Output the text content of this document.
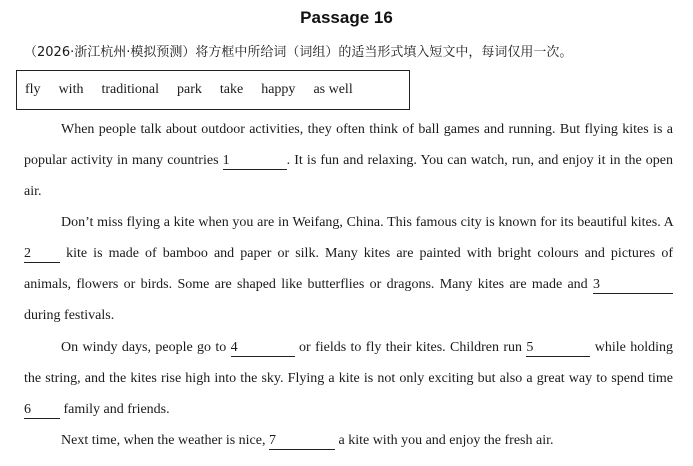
Passage 16
（2026·浙江杭州·模拟预测）将方框中所给词（词组）的适当形式填入短文中，每词仅用一次。
fly with traditional park take happy as well
When people talk about outdoor activities, they often think of ball games and running. But flying kites is a popular activity in many countries 1	. It is fun and relaxing. You can watch, run, and enjoy it in the open air.
Don’t miss flying a kite when you are in Weifang, China. This famous city is known for its beautiful kites. A 2	kite is made of bamboo and paper or silk. Many kites are painted with bright colours and pictures of animals, flowers or birds. Some are shaped like butterflies or dragons. Many kites are made and 3 during festivals.
On windy days, people go to 4	or fields to fly their kites. Children run 5	while holding the string, and the kites rise high into the sky. Flying a kite is not only exciting but also a great way to spend time 6 family and friends.
Next time, when the weather is nice, 7	a kite with you and enjoy the fresh air.
